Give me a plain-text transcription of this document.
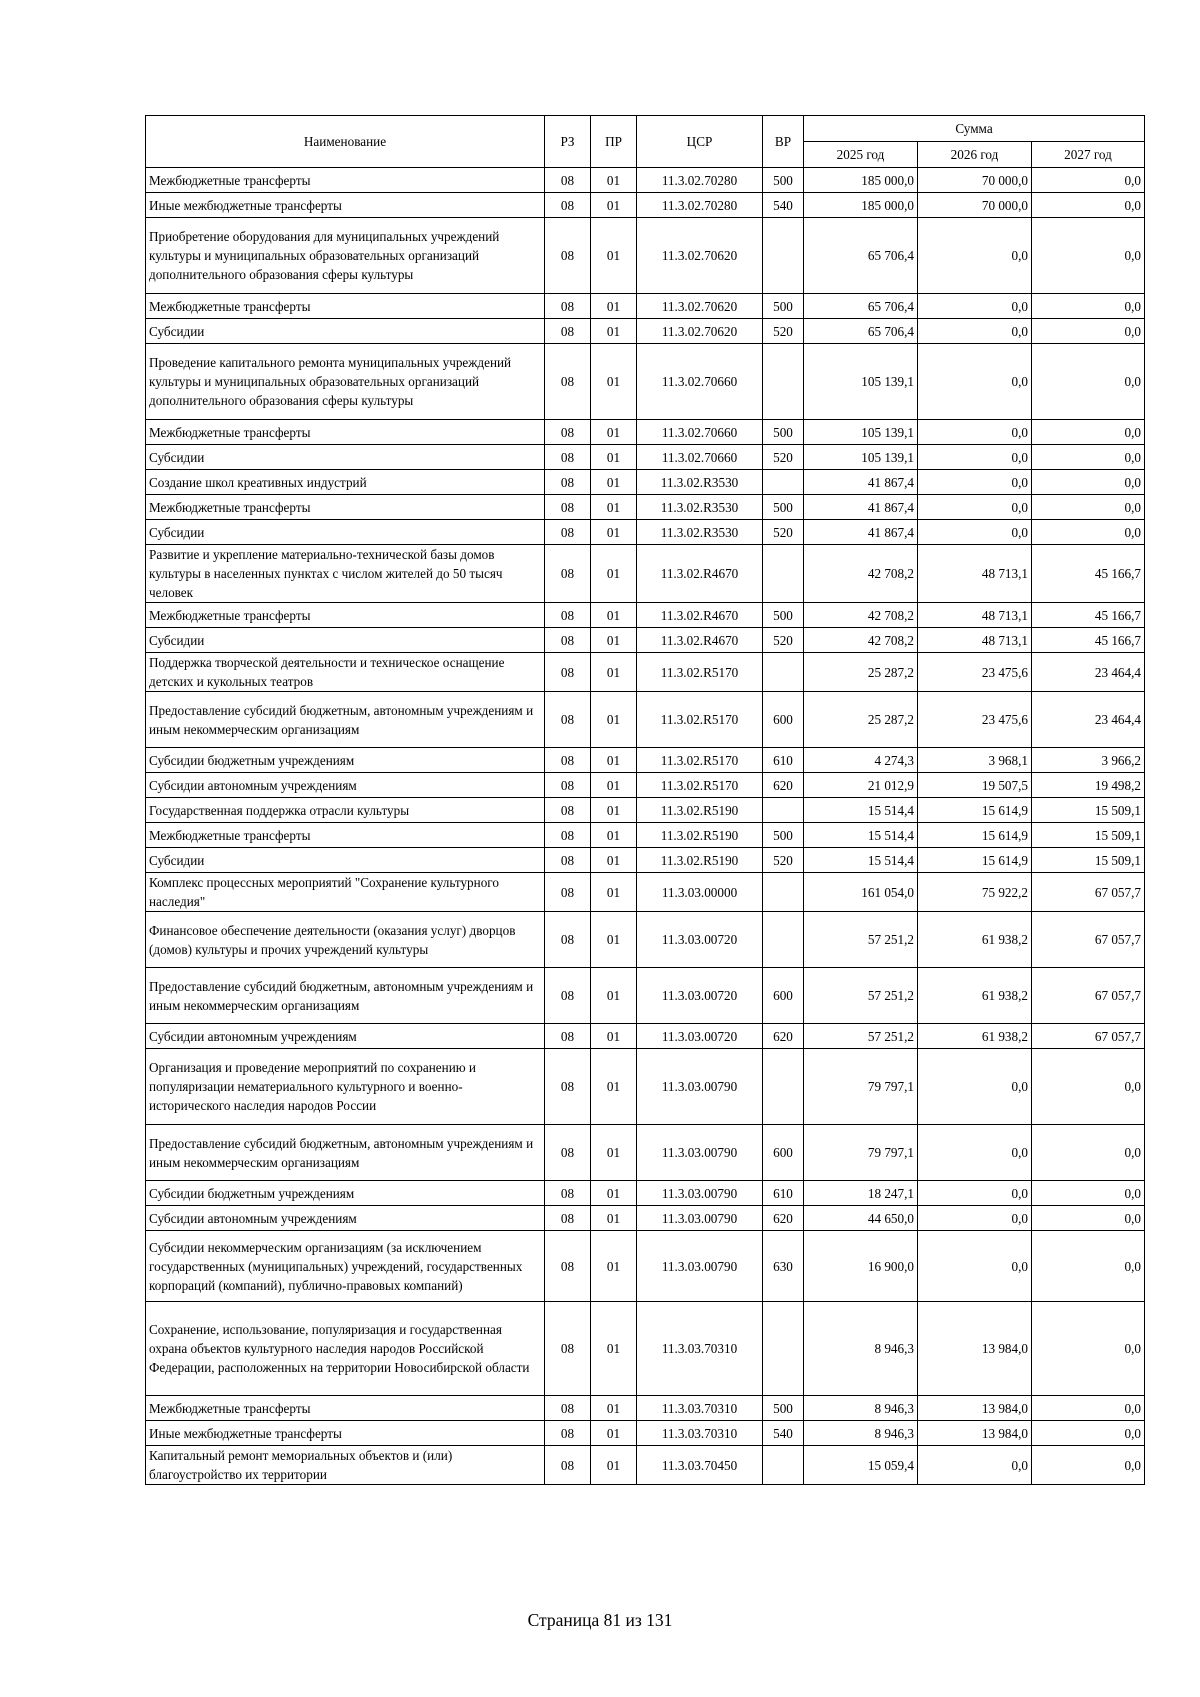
Наименование	РЗ	ПР	ЦСР	ВР	Сумма		
					2025 год	2026 год	2027 год
Межбюджетные трансферты	08	01	11.3.02.70280	500	185 000,0	70 000,0	0,0
Иные межбюджетные трансферты	08	01	11.3.02.70280	540	185 000,0	70 000,0	0,0
Приобретение оборудования для муниципальных учреждений культуры и муниципальных образовательных организаций дополнительного образования сферы культуры	08	01	11.3.02.70620		65 706,4	0,0	0,0
Межбюджетные трансферты	08	01	11.3.02.70620	500	65 706,4	0,0	0,0
Субсидии	08	01	11.3.02.70620	520	65 706,4	0,0	0,0
Проведение капитального ремонта муниципальных учреждений культуры и муниципальных образовательных организаций дополнительного образования сферы культуры	08	01	11.3.02.70660		105 139,1	0,0	0,0
Межбюджетные трансферты	08	01	11.3.02.70660	500	105 139,1	0,0	0,0
Субсидии	08	01	11.3.02.70660	520	105 139,1	0,0	0,0
Создание школ креативных индустрий	08	01	11.3.02.R3530		41 867,4	0,0	0,0
Межбюджетные трансферты	08	01	11.3.02.R3530	500	41 867,4	0,0	0,0
Субсидии	08	01	11.3.02.R3530	520	41 867,4	0,0	0,0
Развитие и укрепление материально-технической базы домов культуры в населенных пунктах с числом жителей до 50 тысяч человек	08	01	11.3.02.R4670		42 708,2	48 713,1	45 166,7
Межбюджетные трансферты	08	01	11.3.02.R4670	500	42 708,2	48 713,1	45 166,7
Субсидии	08	01	11.3.02.R4670	520	42 708,2	48 713,1	45 166,7
Поддержка творческой деятельности и техническое оснащение детских и кукольных театров	08	01	11.3.02.R5170		25 287,2	23 475,6	23 464,4
Предоставление субсидий бюджетным, автономным учреждениям и иным некоммерческим организациям	08	01	11.3.02.R5170	600	25 287,2	23 475,6	23 464,4
Субсидии бюджетным учреждениям	08	01	11.3.02.R5170	610	4 274,3	3 968,1	3 966,2
Субсидии автономным учреждениям	08	01	11.3.02.R5170	620	21 012,9	19 507,5	19 498,2
Государственная поддержка отрасли культуры	08	01	11.3.02.R5190		15 514,4	15 614,9	15 509,1
Межбюджетные трансферты	08	01	11.3.02.R5190	500	15 514,4	15 614,9	15 509,1
Субсидии	08	01	11.3.02.R5190	520	15 514,4	15 614,9	15 509,1
Комплекс процессных мероприятий "Сохранение культурного наследия"	08	01	11.3.03.00000		161 054,0	75 922,2	67 057,7
Финансовое обеспечение деятельности (оказания услуг) дворцов (домов) культуры и прочих учреждений культуры	08	01	11.3.03.00720		57 251,2	61 938,2	67 057,7
Предоставление субсидий бюджетным, автономным учреждениям и иным некоммерческим организациям	08	01	11.3.03.00720	600	57 251,2	61 938,2	67 057,7
Субсидии автономным учреждениям	08	01	11.3.03.00720	620	57 251,2	61 938,2	67 057,7
Организация и проведение мероприятий по сохранению и популяризации нематериального культурного и военно-исторического наследия народов России	08	01	11.3.03.00790		79 797,1	0,0	0,0
Предоставление субсидий бюджетным, автономным учреждениям и иным некоммерческим организациям	08	01	11.3.03.00790	600	79 797,1	0,0	0,0
Субсидии бюджетным учреждениям	08	01	11.3.03.00790	610	18 247,1	0,0	0,0
Субсидии автономным учреждениям	08	01	11.3.03.00790	620	44 650,0	0,0	0,0
Субсидии некоммерческим организациям (за исключением государственных (муниципальных) учреждений, государственных корпораций (компаний), публично-правовых компаний)	08	01	11.3.03.00790	630	16 900,0	0,0	0,0
Сохранение, использование, популяризация и государственная охрана объектов культурного наследия народов Российской Федерации, расположенных на территории Новосибирской области	08	01	11.3.03.70310		8 946,3	13 984,0	0,0
Межбюджетные трансферты	08	01	11.3.03.70310	500	8 946,3	13 984,0	0,0
Иные межбюджетные трансферты	08	01	11.3.03.70310	540	8 946,3	13 984,0	0,0
Капитальный ремонт мемориальных объектов и (или) благоустройство их территории	08	01	11.3.03.70450		15 059,4	0,0	0,0
Страница 81 из 131
